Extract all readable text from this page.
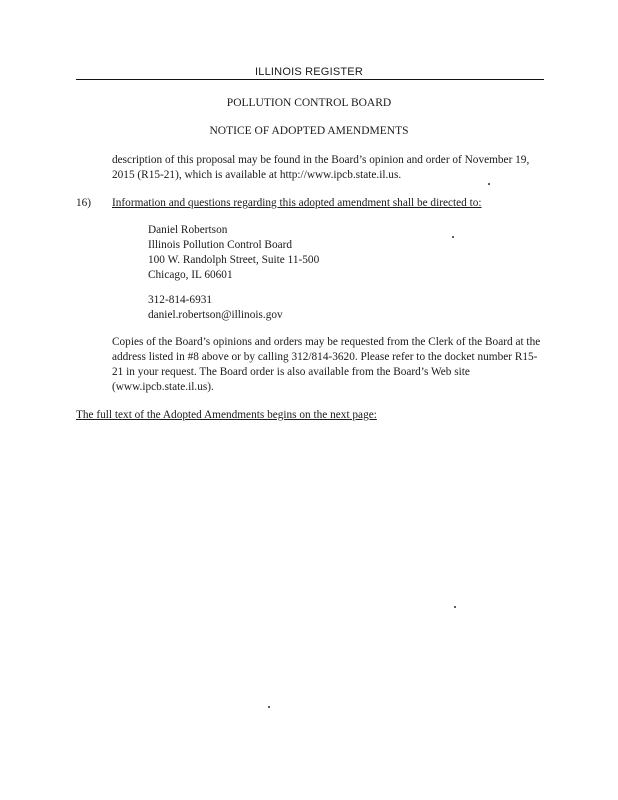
ILLINOIS REGISTER
POLLUTION CONTROL BOARD
NOTICE OF ADOPTED AMENDMENTS

description of this proposal may be found in the Board’s opinion and order of November 19, 2015 (R15-21), which is available at http://www.ipcb.state.il.us.

16) Information and questions regarding this adopted amendment shall be directed to:
Daniel Robertson
Illinois Pollution Control Board
100 W. Randolph Street, Suite 11-500
Chicago, IL 60601
312-814-6931
daniel.robertson@illinois.gov

Copies of the Board’s opinions and orders may be requested from the Clerk of the Board at the address listed in #8 above or by calling 312/814-3620. Please refer to the docket number R15-21 in your request. The Board order is also available from the Board’s Web site (www.ipcb.state.il.us).

The full text of the Adopted Amendments begins on the next page:
